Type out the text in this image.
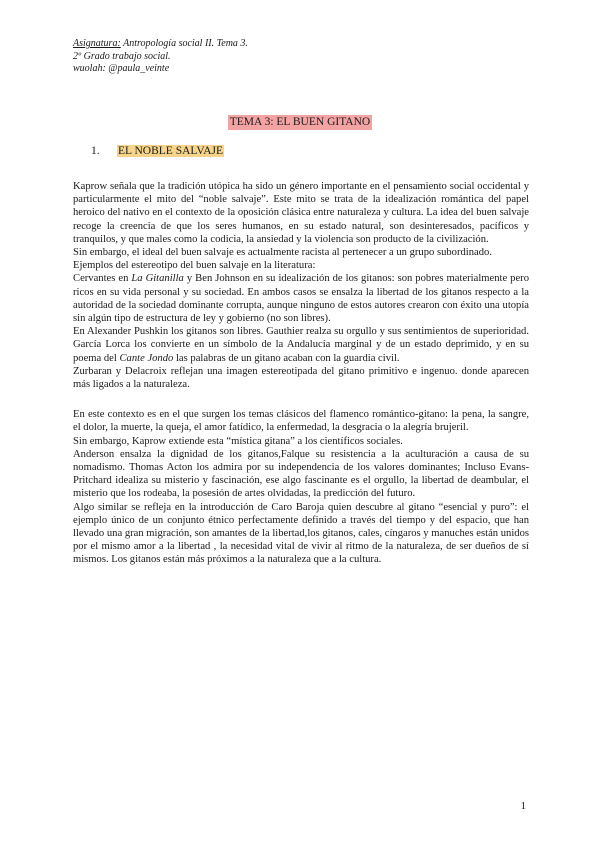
Asignatura: Antropología social II. Tema 3.
2º Grado trabajo social.
wuolah: @paula_veinte
TEMA 3: EL BUEN GITANO
1. EL NOBLE SALVAJE

Kaprow señala que la tradición utópica ha sido un género importante en el pensamiento social occidental y particularmente el mito del “noble salvaje”. Este mito se trata de la idealización romántica del papel heroico del nativo en el contexto de la oposición clásica entre naturaleza y cultura. La idea del buen salvaje recoge la creencia de que los seres humanos, en su estado natural, son desinteresados, pacíficos y tranquilos, y que males como la codicia, la ansiedad y la violencia son producto de la civilización.

Sin embargo, el ideal del buen salvaje es actualmente racista al pertenecer a un grupo subordinado.

Ejemplos del estereotipo del buen salvaje en la literatura:

Cervantes en La Gitanilla y Ben Johnson en su idealización de los gitanos: son pobres materialmente pero ricos en su vida personal y su sociedad. En ambos casos se ensalza la libertad de los gitanos respecto a la autoridad de la sociedad dominante corrupta, aunque ninguno de estos autores crearon con éxito una utopía sin algún tipo de estructura de ley y gobierno (no son libres).

En Alexander Pushkin los gitanos son libres. Gauthier realza su orgullo y sus sentimientos de superioridad. García Lorca los convierte en un símbolo de la Andalucía marginal y de un estado deprimido, y en su poema del Cante Jondo las palabras de un gitano acaban con la guardia civil.

Zurbaran y Delacroix reflejan una imagen estereotipada del gitano primitivo e ingenuo. donde aparecen más ligados a la naturaleza.

En este contexto es en el que surgen los temas clásicos del flamenco romántico-gitano: la pena, la sangre, el dolor, la muerte, la queja, el amor fatídico, la enfermedad, la desgracia o la alegría brujeril.

Sin embargo, Kaprow extiende esta “mística gitana” a los científicos sociales.

Anderson ensalza la dignidad de los gitanos,Falque su resistencia a la aculturación a causa de su nomadismo. Thomas Acton los admira por su independencia de los valores dominantes; Incluso Evans-Pritchard idealiza su misterio y fascinación, ese algo fascinante es el orgullo, la libertad de deambular, el misterio que los rodeaba, la posesión de artes olvidadas, la predicción del futuro.

Algo similar se refleja en la introducción de Caro Baroja quien descubre al gitano “esencial y puro”: el ejemplo único de un conjunto étnico perfectamente definido a través del tiempo y del espacio, que han llevado una gran migración, son amantes de la libertad,los gitanos, cales, cíngaros y manuches están unidos por el mismo amor a la libertad , la necesidad vital de vivir al ritmo de la naturaleza, de ser dueños de sí mismos. Los gitanos están más próximos a la naturaleza que a la cultura.

1
